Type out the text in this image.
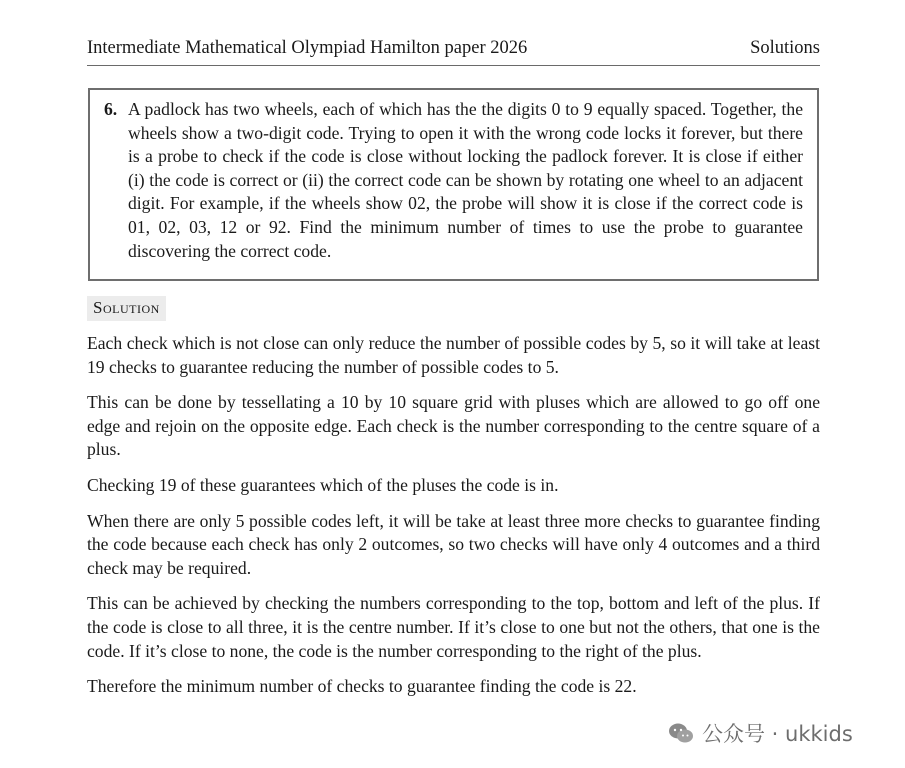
Intermediate Mathematical Olympiad Hamilton paper 2026	Solutions
6. A padlock has two wheels, each of which has the the digits 0 to 9 equally spaced. Together, the wheels show a two-digit code. Trying to open it with the wrong code locks it forever, but there is a probe to check if the code is close without locking the padlock forever. It is close if either (i) the code is correct or (ii) the correct code can be shown by rotating one wheel to an adjacent digit. For example, if the wheels show 02, the probe will show it is close if the correct code is 01, 02, 03, 12 or 92. Find the minimum number of times to use the probe to guarantee discovering the correct code.
Solution

Each check which is not close can only reduce the number of possible codes by 5, so it will take at least 19 checks to guarantee reducing the number of possible codes to 5.

This can be done by tessellating a 10 by 10 square grid with pluses which are allowed to go off one edge and rejoin on the opposite edge. Each check is the number corresponding to the centre square of a plus.

Checking 19 of these guarantees which of the pluses the code is in.

When there are only 5 possible codes left, it will be take at least three more checks to guarantee finding the code because each check has only 2 outcomes, so two checks will have only 4 outcomes and a third check may be required.

This can be achieved by checking the numbers corresponding to the top, bottom and left of the plus. If the code is close to all three, it is the centre number. If it’s close to one but not the others, that one is the code. If it’s close to none, the code is the number corresponding to the right of the plus.

Therefore the minimum number of checks to guarantee finding the code is 22.

公众号 · ukkids
